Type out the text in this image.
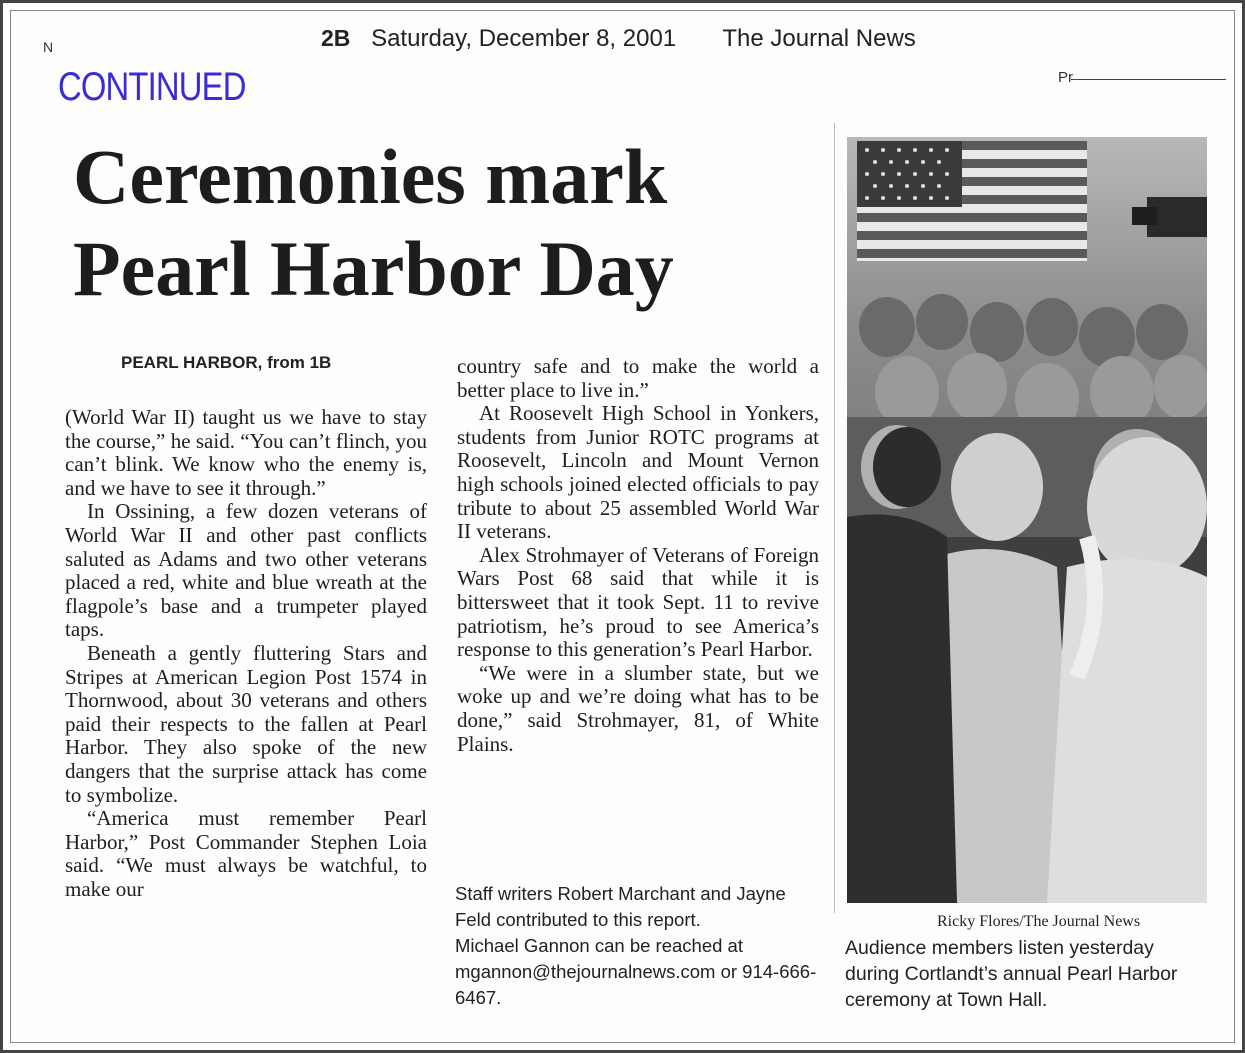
N	2B Saturday, December 8, 2001 The Journal News
Pr
CONTINUED
Ceremonies mark Pearl Harbor Day
PEARL HARBOR, from 1B

(World War II) taught us we have to stay the course,” he said. “You can’t flinch, you can’t blink. We know who the enemy is, and we have to see it through.”

In Ossining, a few dozen veterans of World War II and other past conflicts saluted as Adams and two other veterans placed a red, white and blue wreath at the flagpole’s base and a trumpeter played taps.

Beneath a gently fluttering Stars and Stripes at American Legion Post 1574 in Thornwood, about 30 veterans and others paid their respects to the fallen at Pearl Harbor. They also spoke of the new dangers that the surprise attack has come to symbolize.

“America must remember Pearl Harbor,” Post Commander Stephen Loia said. “We must always be watchful, to make our

country safe and to make the world a better place to live in.”

At Roosevelt High School in Yonkers, students from Junior ROTC programs at Roosevelt, Lincoln and Mount Vernon high schools joined elected officials to pay tribute to about 25 assembled World War II veterans.

Alex Strohmayer of Veterans of Foreign Wars Post 68 said that while it is bittersweet that it took Sept. 11 to revive patriotism, he’s proud to see America’s response to this generation’s Pearl Harbor.

“We were in a slumber state, but we woke up and we’re doing what has to be done,” said Strohmayer, 81, of White Plains.

Staff writers Robert Marchant and Jayne Feld contributed to this report.

Michael Gannon can be reached at mgannon@thejournalnews.com or 914-666-6467.

Ricky Flores/The Journal News

Audience members listen yesterday during Cortlandt’s annual Pearl Harbor ceremony at Town Hall.
